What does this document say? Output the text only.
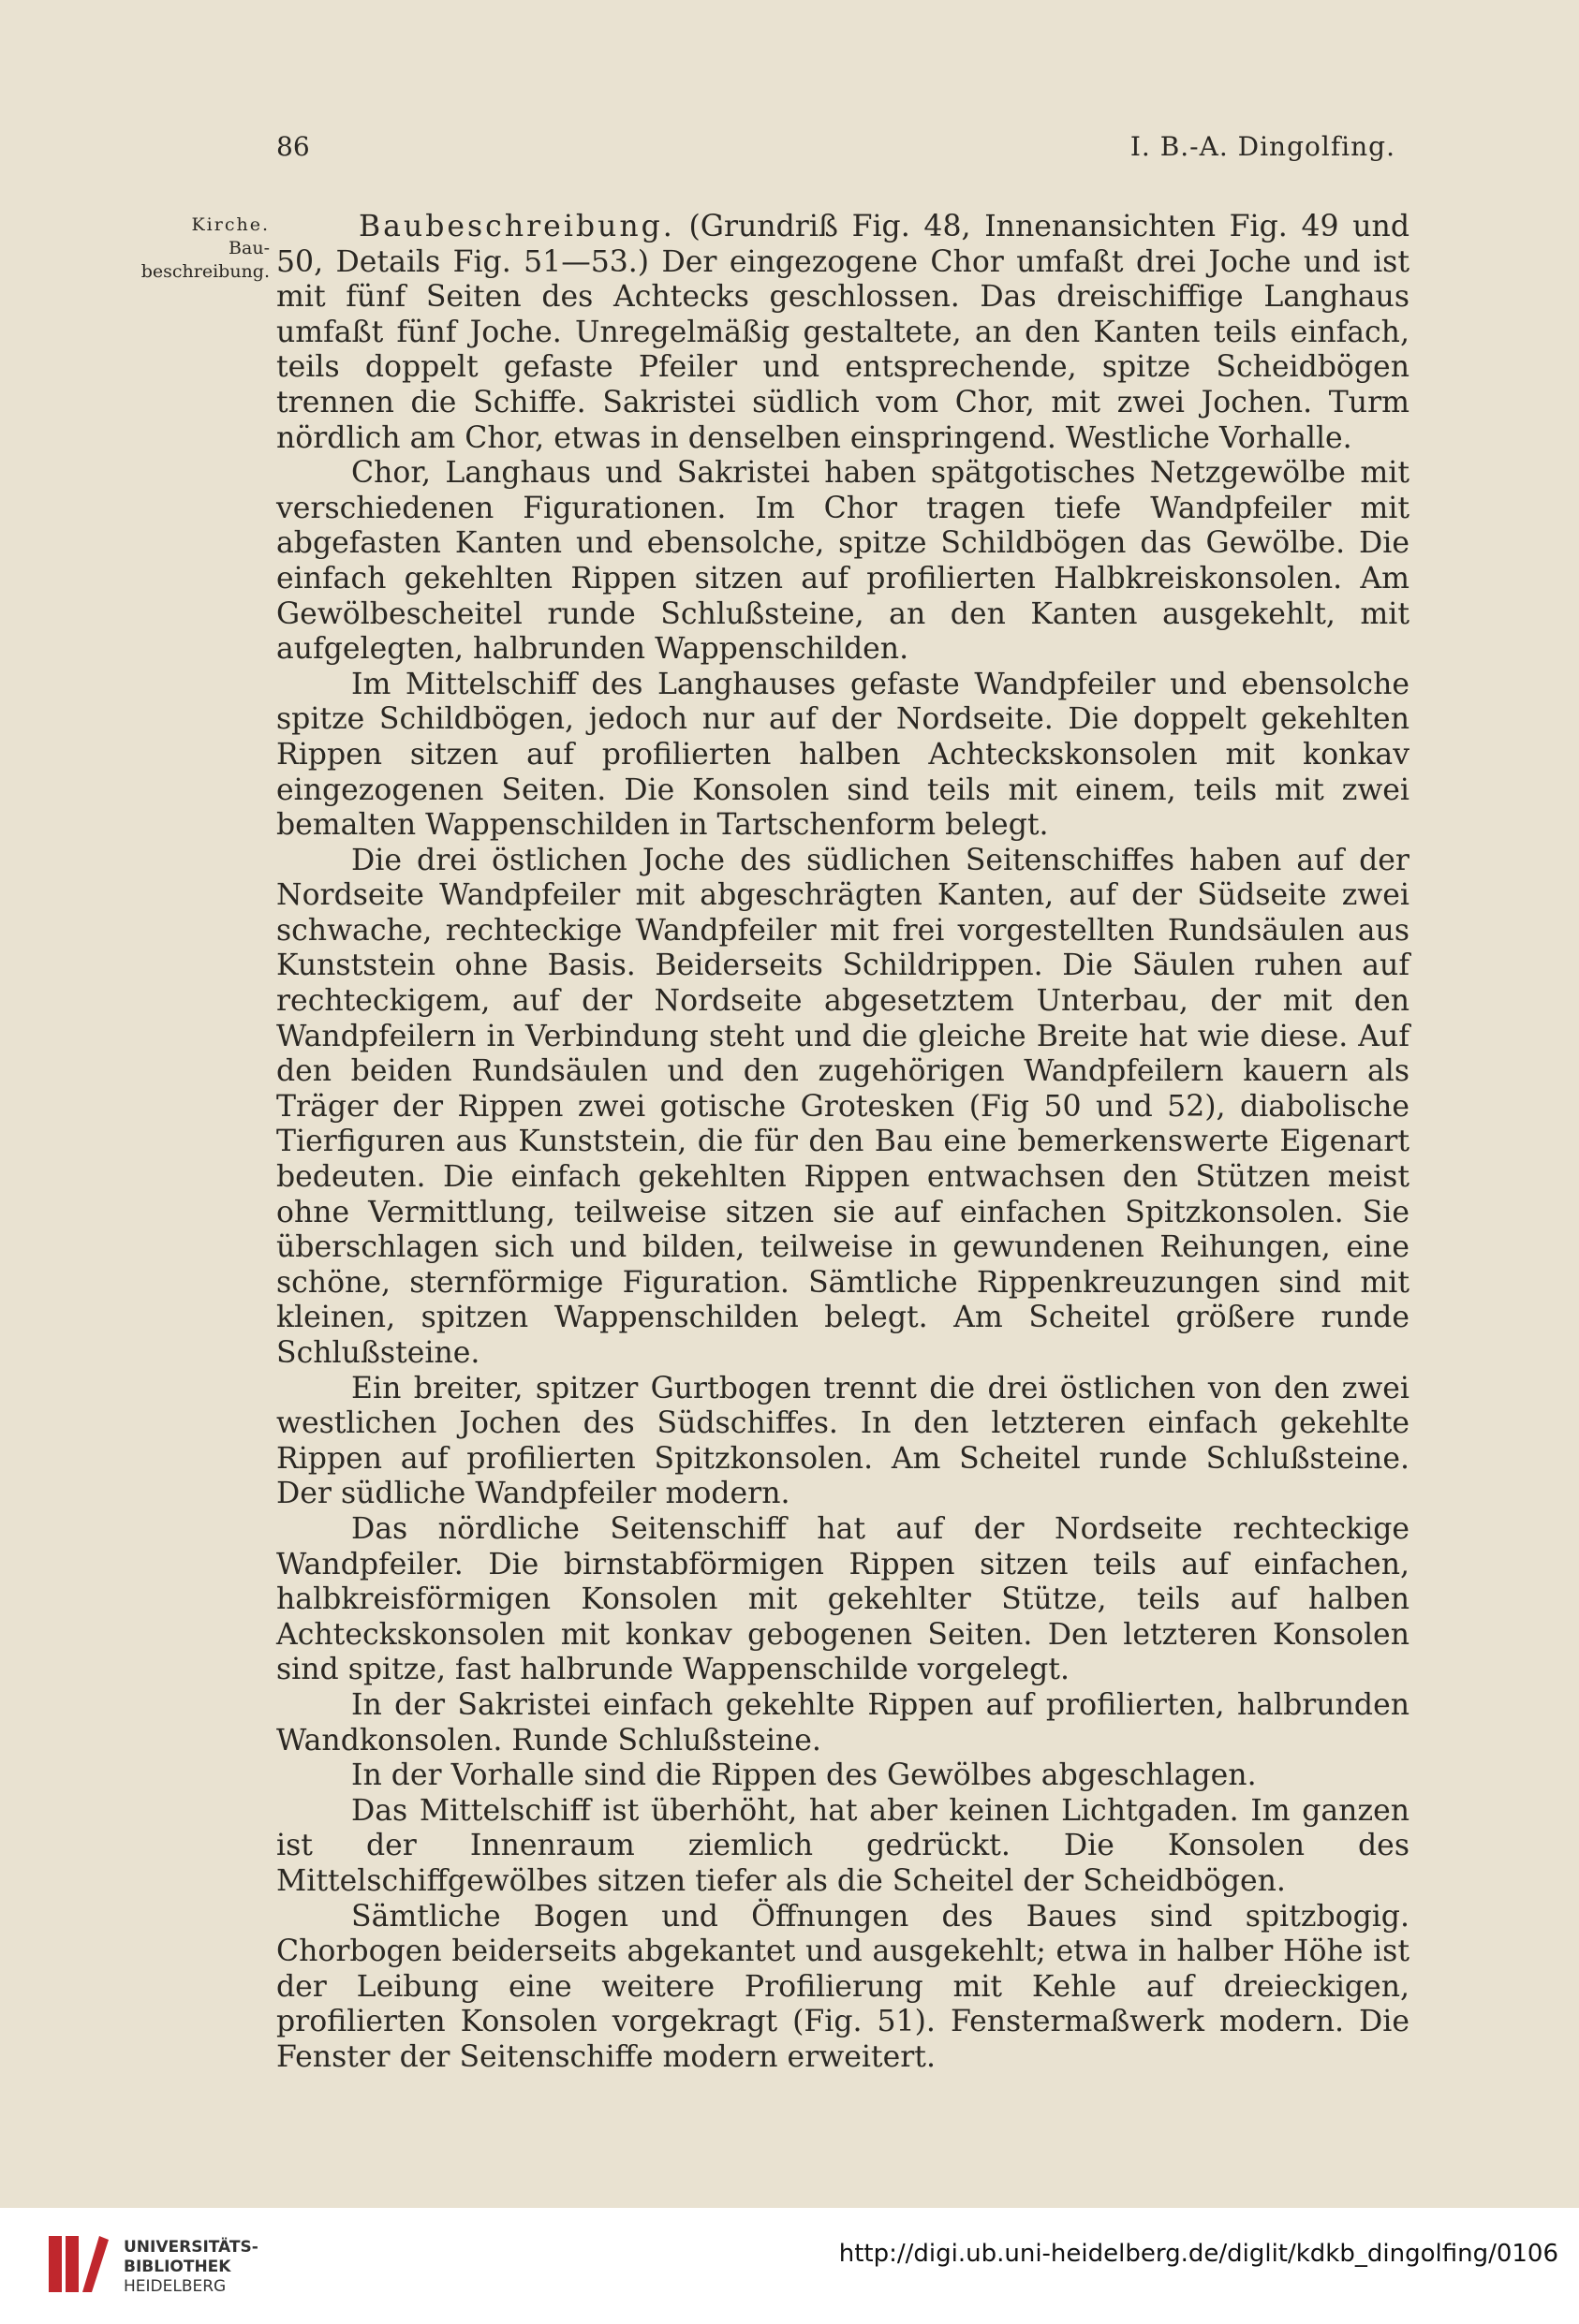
86	I. B.-A. Dingolfing.
Kirche.
Bau-
beschreibung.

Baubeschreibung. (Grundriß Fig. 48, Innenansichten Fig. 49 und 50, Details Fig. 51—53.) Der eingezogene Chor umfaßt drei Joche und ist mit fünf Seiten des Achtecks geschlossen. Das dreischiffige Langhaus umfaßt fünf Joche. Unregelmäßig gestaltete, an den Kanten teils einfach, teils doppelt gefaste Pfeiler und entsprechende, spitze Scheidbögen trennen die Schiffe. Sakristei südlich vom Chor, mit zwei Jochen. Turm nördlich am Chor, etwas in denselben einspringend. Westliche Vorhalle.

Chor, Langhaus und Sakristei haben spätgotisches Netzgewölbe mit verschiedenen Figurationen. Im Chor tragen tiefe Wandpfeiler mit abgefasten Kanten und ebensolche, spitze Schildbögen das Gewölbe. Die einfach gekehlten Rippen sitzen auf profilierten Halbkreiskonsolen. Am Gewölbescheitel runde Schlußsteine, an den Kanten ausgekehlt, mit aufgelegten, halbrunden Wappenschilden.

Im Mittelschiff des Langhauses gefaste Wandpfeiler und ebensolche spitze Schildbögen, jedoch nur auf der Nordseite. Die doppelt gekehlten Rippen sitzen auf profilierten halben Achteckskonsolen mit konkav eingezogenen Seiten. Die Konsolen sind teils mit einem, teils mit zwei bemalten Wappenschilden in Tartschenform belegt.

Die drei östlichen Joche des südlichen Seitenschiffes haben auf der Nordseite Wandpfeiler mit abgeschrägten Kanten, auf der Südseite zwei schwache, rechteckige Wandpfeiler mit frei vorgestellten Rundsäulen aus Kunststein ohne Basis. Beiderseits Schildrippen. Die Säulen ruhen auf rechteckigem, auf der Nordseite abgesetztem Unterbau, der mit den Wandpfeilern in Verbindung steht und die gleiche Breite hat wie diese. Auf den beiden Rundsäulen und den zugehörigen Wandpfeilern kauern als Träger der Rippen zwei gotische Grotesken (Fig 50 und 52), diabolische Tierfiguren aus Kunststein, die für den Bau eine bemerkenswerte Eigenart bedeuten. Die einfach gekehlten Rippen entwachsen den Stützen meist ohne Vermittlung, teilweise sitzen sie auf einfachen Spitzkonsolen. Sie überschlagen sich und bilden, teilweise in gewundenen Reihungen, eine schöne, sternförmige Figuration. Sämtliche Rippenkreuzungen sind mit kleinen, spitzen Wappenschilden belegt. Am Scheitel größere runde Schlußsteine.

Ein breiter, spitzer Gurtbogen trennt die drei östlichen von den zwei westlichen Jochen des Südschiffes. In den letzteren einfach gekehlte Rippen auf profilierten Spitzkonsolen. Am Scheitel runde Schlußsteine. Der südliche Wandpfeiler modern.

Das nördliche Seitenschiff hat auf der Nordseite rechteckige Wandpfeiler. Die birnstabförmigen Rippen sitzen teils auf einfachen, halbkreisförmigen Konsolen mit gekehlter Stütze, teils auf halben Achteckskonsolen mit konkav gebogenen Seiten. Den letzteren Konsolen sind spitze, fast halbrunde Wappenschilde vorgelegt.

In der Sakristei einfach gekehlte Rippen auf profilierten, halbrunden Wandkonsolen. Runde Schlußsteine.

In der Vorhalle sind die Rippen des Gewölbes abgeschlagen.

Das Mittelschiff ist überhöht, hat aber keinen Lichtgaden. Im ganzen ist der Innenraum ziemlich gedrückt. Die Konsolen des Mittelschiffgewölbes sitzen tiefer als die Scheitel der Scheidbögen.

Sämtliche Bogen und Öffnungen des Baues sind spitzbogig. Chorbogen beiderseits abgekantet und ausgekehlt; etwa in halber Höhe ist der Leibung eine weitere Profilierung mit Kehle auf dreieckigen, profilierten Konsolen vorgekragt (Fig. 51). Fenstermaßwerk modern. Die Fenster der Seitenschiffe modern erweitert.

UNIVERSITÄTS-
BIBLIOTHEK
HEIDELBERG
http://digi.ub.uni-heidelberg.de/diglit/kdkb_dingolfing/0106
